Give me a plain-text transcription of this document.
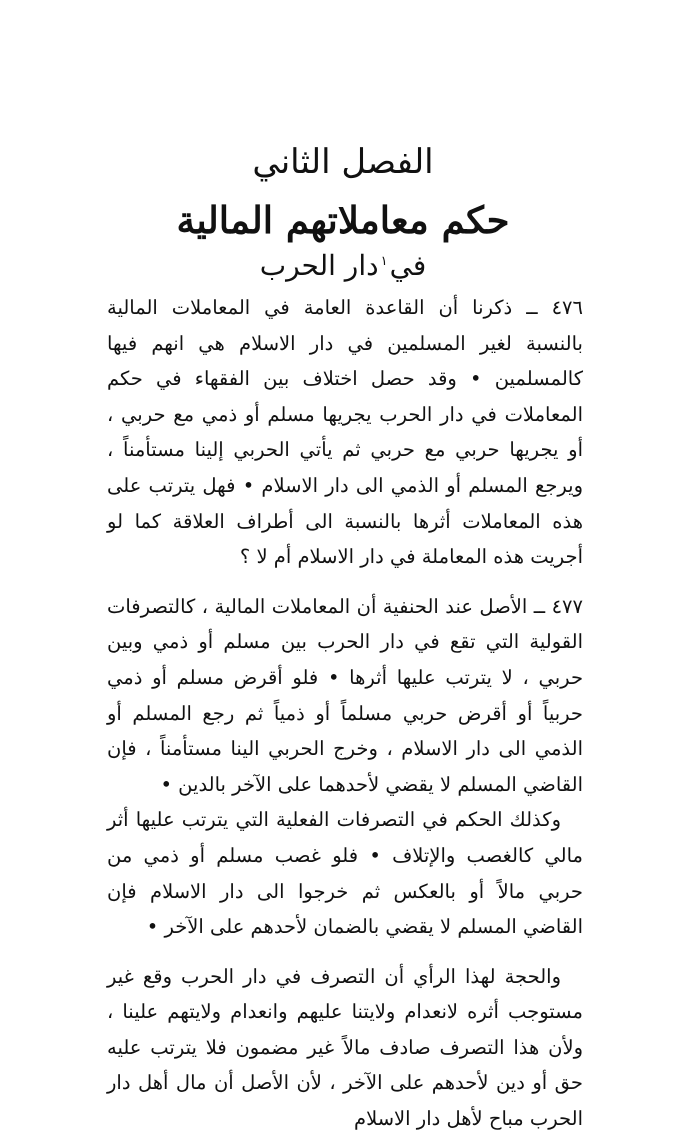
الفصل الثاني
حكم معاملاتهم المالية
في$^١$دار الحرب

٤٧٦ ــ ذكرنا أن القاعدة العامة في المعاملات المالية بالنسبة لغير المسلمين في دار الاسلام هي انهم فيها كالمسلمين • وقد حصل اختلاف بين الفقهاء في حكم المعاملات في دار الحرب يجريها مسلم أو ذمي مع حربي ، أو يجريها حربي مع حربي ثم يأتي الحربي إلينا مستأمناً ، ويرجع المسلم أو الذمي الى دار الاسلام • فهل يترتب على هذه المعاملات أثرها بالنسبة الى أطراف العلاقة كما لو أجريت هذه المعاملة في دار الاسلام أم لا ؟

٤٧٧ ــ الأصل عند الحنفية أن المعاملات المالية ، كالتصرفات القولية التي تقع في دار الحرب بين مسلم أو ذمي وبين حربي ، لا يترتب عليها أثرها • فلو أقرض مسلم أو ذمي حربياً أو أقرض حربي مسلماً أو ذمياً ثم رجع المسلم أو الذمي الى دار الاسلام ، وخرج الحربي الينا مستأمناً ، فإن القاضي المسلم لا يقضي لأحدهما على الآخر بالدين •

وكذلك الحكم في التصرفات الفعلية التي يترتب عليها أثر مالي كالغصب والإتلاف • فلو غصب مسلم أو ذمي من حربي مالاً أو بالعكس ثم خرجوا الى دار الاسلام فإن القاضي المسلم لا يقضي بالضمان لأحدهم على الآخر •

والحجة لهذا الرأي أن التصرف في دار الحرب وقع غير مستوجب أثره لانعدام ولايتنا عليهم وانعدام ولايتهم علينا ، ولأن هذا التصرف صادف مالاً غير مضمون فلا يترتب عليه حق أو دين لأحدهم على الآخر ، لأن الأصل أن مال أهل دار الحرب مباح لأهل دار الاسلام
